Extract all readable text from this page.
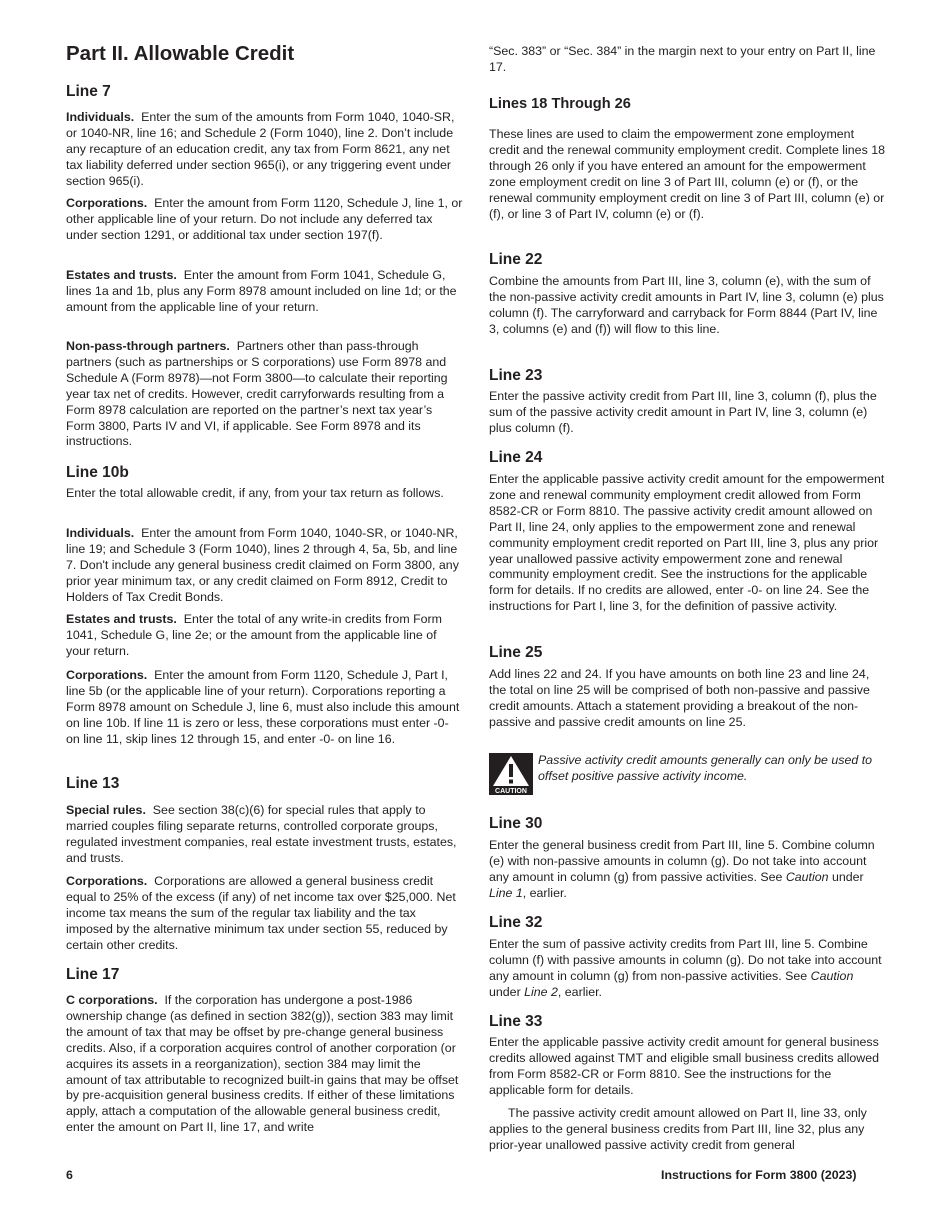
Part II. Allowable Credit
Line 7

Individuals. Enter the sum of the amounts from Form 1040, 1040-SR, or 1040-NR, line 16; and Schedule 2 (Form 1040), line 2. Don’t include any recapture of an education credit, any tax from Form 8621, any net tax liability deferred under section 965(i), or any triggering event under section 965(i).

Corporations. Enter the amount from Form 1120, Schedule J, line 1, or other applicable line of your return. Do not include any deferred tax under section 1291, or additional tax under section 197(f).

Estates and trusts. Enter the amount from Form 1041, Schedule G, lines 1a and 1b, plus any Form 8978 amount included on line 1d; or the amount from the applicable line of your return.

Non-pass-through partners. Partners other than pass-through partners (such as partnerships or S corporations) use Form 8978 and Schedule A (Form 8978)—not Form 3800—to calculate their reporting year tax net of credits. However, credit carryforwards resulting from a Form 8978 calculation are reported on the partner’s next tax year’s Form 3800, Parts IV and VI, if applicable. See Form 8978 and its instructions.

Line 10b

Enter the total allowable credit, if any, from your tax return as follows.

Individuals. Enter the amount from Form 1040, 1040-SR, or 1040-NR, line 19; and Schedule 3 (Form 1040), lines 2 through 4, 5a, 5b, and line 7. Don't include any general business credit claimed on Form 3800, any prior year minimum tax, or any credit claimed on Form 8912, Credit to Holders of Tax Credit Bonds.

Estates and trusts. Enter the total of any write-in credits from Form 1041, Schedule G, line 2e; or the amount from the applicable line of your return.

Corporations. Enter the amount from Form 1120, Schedule J, Part I, line 5b (or the applicable line of your return). Corporations reporting a Form 8978 amount on Schedule J, line 6, must also include this amount on line 10b. If line 11 is zero or less, these corporations must enter -0- on line 11, skip lines 12 through 15, and enter -0- on line 16.

Line 13

Special rules. See section 38(c)(6) for special rules that apply to married couples filing separate returns, controlled corporate groups, regulated investment companies, real estate investment trusts, estates, and trusts.

Corporations. Corporations are allowed a general business credit equal to 25% of the excess (if any) of net income tax over $25,000. Net income tax means the sum of the regular tax liability and the tax imposed by the alternative minimum tax under section 55, reduced by certain other credits.

Line 17

C corporations. If the corporation has undergone a post-1986 ownership change (as defined in section 382(g)), section 383 may limit the amount of tax that may be offset by pre-change general business credits. Also, if a corporation acquires control of another corporation (or acquires its assets in a reorganization), section 384 may limit the amount of tax attributable to recognized built-in gains that may be offset by pre-acquisition general business credits. If either of these limitations apply, attach a computation of the allowable general business credit, enter the amount on Part II, line 17, and write

“Sec. 383” or “Sec. 384” in the margin next to your entry on Part II, line 17.

Lines 18 Through 26

These lines are used to claim the empowerment zone employment credit and the renewal community employment credit. Complete lines 18 through 26 only if you have entered an amount for the empowerment zone employment credit on line 3 of Part III, column (e) or (f), or the renewal community employment credit on line 3 of Part III, column (e) or (f), or line 3 of Part IV, column (e) or (f).

Line 22

Combine the amounts from Part III, line 3, column (e), with the sum of the non-passive activity credit amounts in Part IV, line 3, column (e) plus column (f). The carryforward and carryback for Form 8844 (Part IV, line 3, columns (e) and (f)) will flow to this line.

Line 23

Enter the passive activity credit from Part III, line 3, column (f), plus the sum of the passive activity credit amount in Part IV, line 3, column (e) plus column (f).

Line 24

Enter the applicable passive activity credit amount for the empowerment zone and renewal community employment credit allowed from Form 8582-CR or Form 8810. The passive activity credit amount allowed on Part II, line 24, only applies to the empowerment zone and renewal community employment credit reported on Part III, line 3, plus any prior year unallowed passive activity empowerment zone and renewal community employment credit. See the instructions for the applicable form for details. If no credits are allowed, enter -0- on line 24. See the instructions for Part I, line 3, for the definition of passive activity.

Line 25

Add lines 22 and 24. If you have amounts on both line 23 and line 24, the total on line 25 will be comprised of both non-passive and passive credit amounts. Attach a statement providing a breakout of the non-passive and passive credit amounts on line 25.

CAUTION

Passive activity credit amounts generally can only be used to offset positive passive activity income.

Line 30

Enter the general business credit from Part III, line 5. Combine column (e) with non-passive amounts in column (g). Do not take into account any amount in column (g) from passive activities. See Caution under Line 1, earlier.

Line 32

Enter the sum of passive activity credits from Part III, line 5. Combine column (f) with passive amounts in column (g). Do not take into account any amount in column (g) from non-passive activities. See Caution under Line 2, earlier.

Line 33

Enter the applicable passive activity credit amount for general business credits allowed against TMT and eligible small business credits allowed from Form 8582-CR or Form 8810. See the instructions for the applicable form for details.

The passive activity credit amount allowed on Part II, line 33, only applies to the general business credits from Part III, line 32, plus any prior-year unallowed passive activity credit from general

6	Instructions for Form 3800 (2023)
